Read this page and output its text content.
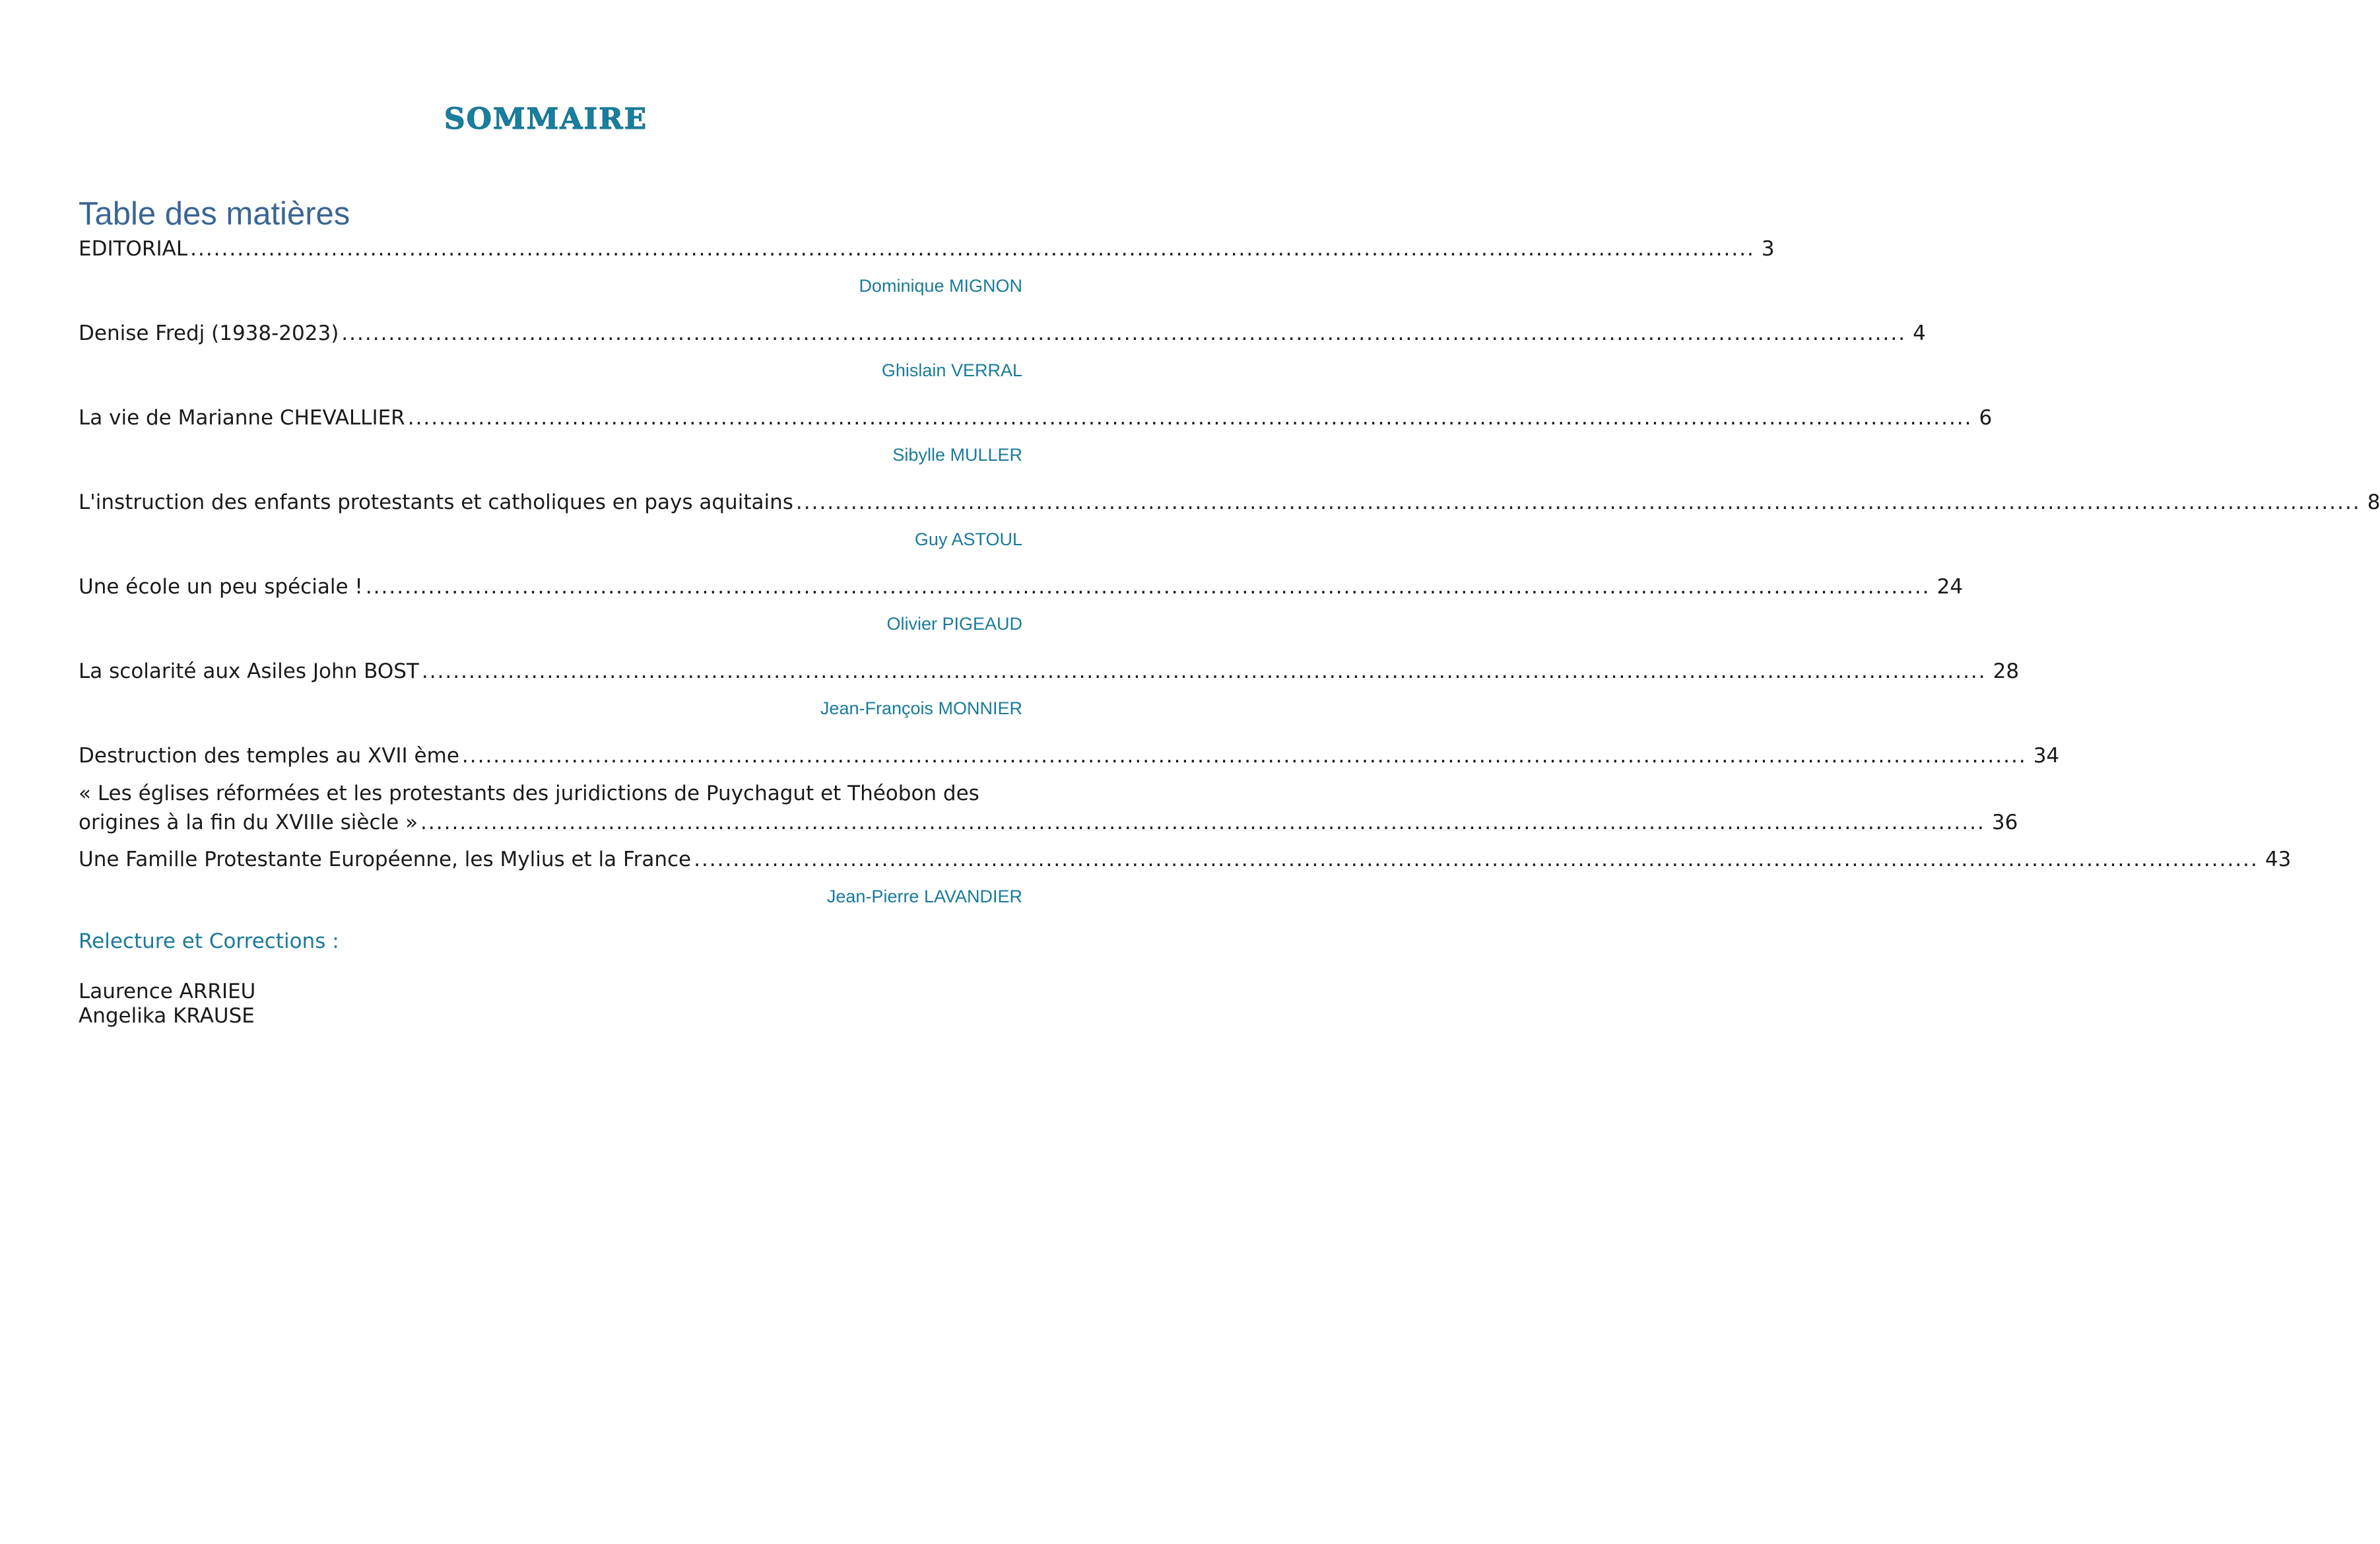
SOMMAIRE
Table des matières
EDITORIAL ........................................................................................................................................................................................................ 3
Denise Fredj (1938-2023) ........................................................................................................................................................................................................ 4
La vie de Marianne CHEVALLIER ........................................................................................................................................................................................................ 6
L'instruction des enfants protestants et catholiques en pays aquitains ........................................................................................................................................................................................................ 8
Une école un peu spéciale ! ........................................................................................................................................................................................................ 24
La scolarité aux Asiles John BOST ........................................................................................................................................................................................................ 28
Destruction des temples au XVII ème ........................................................................................................................................................................................................ 34
« Les églises réformées et les protestants des juridictions de Puychagut et Théobon des
origines à la fin du XVIIIe siècle » ........................................................................................................................................................................................................ 36
Une Famille Protestante Européenne, les Mylius et la France ........................................................................................................................................................................................................ 43
Dominique MIGNON
Ghislain VERRAL
Sibylle MULLER
Guy ASTOUL
Olivier PIGEAUD
Jean-François MONNIER
Jean-Pierre LAVANDIER
Relecture et Corrections :
Laurence ARRIEU
Angelika KRAUSE
